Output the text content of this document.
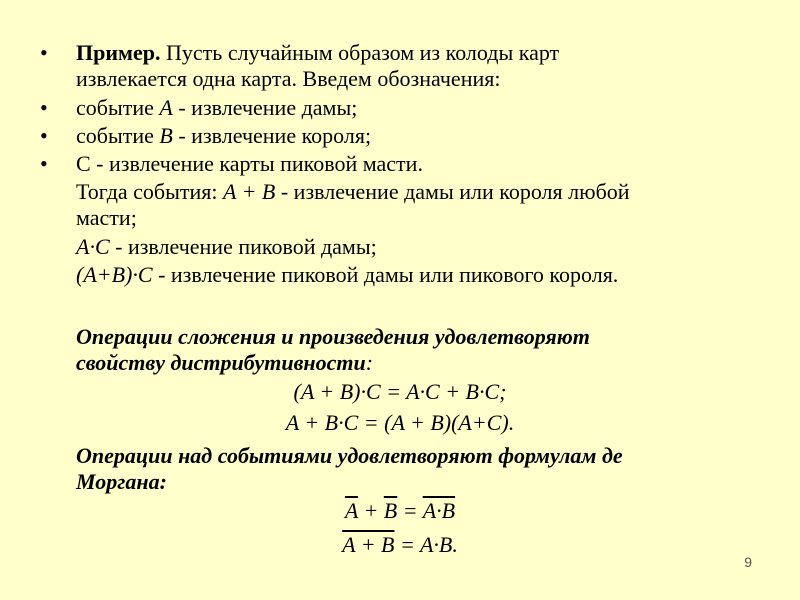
• Пример. Пусть случайным образом из колоды карт
извлекается одна карта. Введем обозначения:
• событие A - извлечение дамы;
• событие B - извлечение короля;
• С - извлечение карты пиковой масти.
Тогда события: A + B - извлечение дамы или короля любой
масти;
A·C - извлечение пиковой дамы;
(A+B)·C - извлечение пиковой дамы или пикового короля.
Операции сложения и произведения удовлетворяют
свойству дистрибутивности:
(A + B)·C = A·C + B·C;
A + B·C = (A + B)(A+C).
Операции над событиями удовлетворяют формулам де
Моргана:
$\overline{A} + \overline{B} = A\cdot B$
A + B = A·B.
9
